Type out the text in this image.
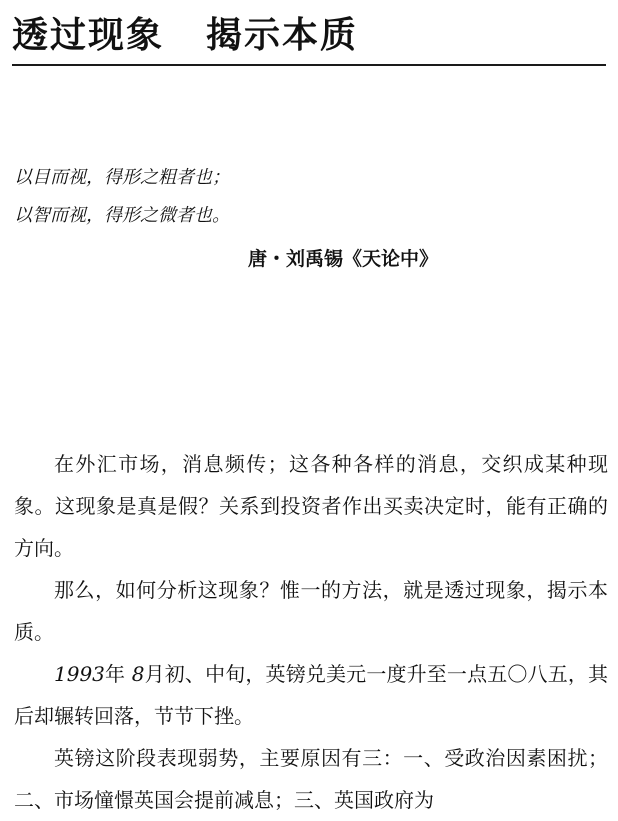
透过现象 揭示本质
以目而视，得形之粗者也；
以智而视，得形之微者也。
唐・刘禹锡《天论中》

在外汇市场，消息频传；这各种各样的消息，交织成某种现象。这现象是真是假？关系到投资者作出买卖决定时，能有正确的方向。

那么，如何分析这现象？惟一的方法，就是透过现象，揭示本质。

1993年 8月初、中旬，英镑兑美元一度升至一点五〇八五，其后却辗转回落，节节下挫。

英镑这阶段表现弱势，主要原因有三：一、受政治因素困扰；二、市场憧憬英国会提前减息；三、英国政府为
